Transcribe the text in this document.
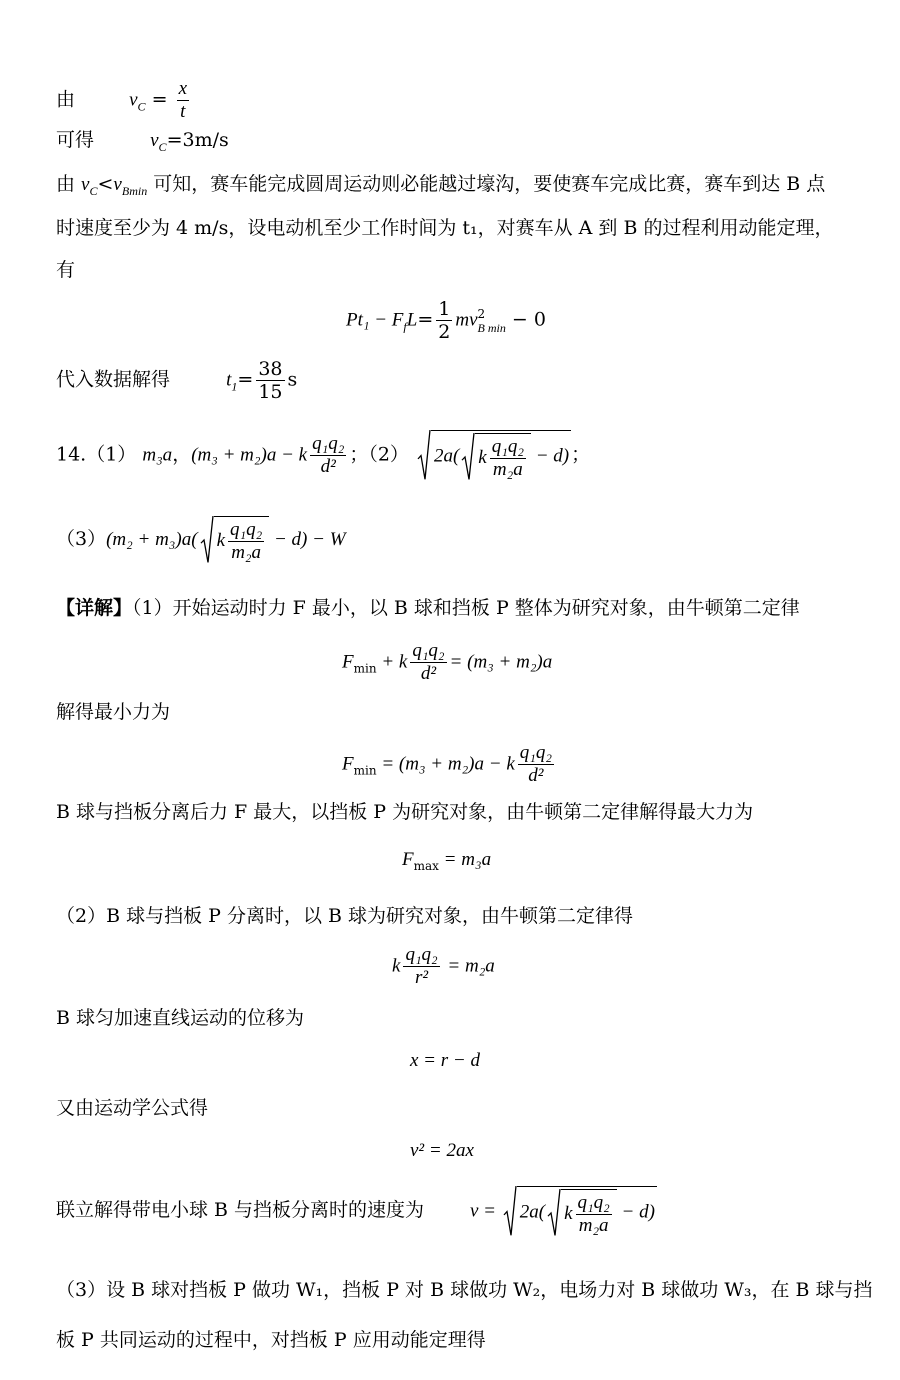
由	$v_C = \frac{x}{t}$
可得	$v_C=3m/s$
由 $v_C<v_{Bmin}$ 可知，赛车能完成圆周运动则必能越过壕沟，要使赛车完成比赛，赛车到达 B 点
时速度至少为 4 m/s，设电动机至少工作时间为 t₁，对赛车从 A 到 B 的过程利用动能定理，
有
$Pt_1 - F_fL= \frac{1}{2}$ mv 2
B min − 0
代入数据解得	$t_1= \frac{38}{15}$ s
14.（1） m₃a，(m₃ + m₂)a − k $\frac{\text{q₁q₂}}{\text{d²}}$ ；（2） 2a( k $\frac{\text{q₁q₂}}{\text{m₂a}} - d$) ；
（3）(m₂ + m₃)a( k $\frac{\text{q₁q₂}}{\text{m₂a}} - d) - W$
【详解】（1）开始运动时力 F 最小，以 B 球和挡板 P 整体为研究对象，由牛顿第二定律
$F_{min} + k \frac{\text{q₁q₂}}{\text{d²}} = (m_3 + m_2)a$
解得最小力为
$F_{min} = (m_3 + m_2)a - k \frac{\text{q₁q₂}}{\text{d²}}$
B 球与挡板分离后力 F 最大，以挡板 P 为研究对象，由牛顿第二定律解得最大力为
$F_{max} = m_3a$
（2）B 球与挡板 P 分离时，以 B 球为研究对象，由牛顿第二定律得
k $\frac{\text{q₁q₂}}{\text{r²}} = m_2a$
B 球匀加速直线运动的位移为
x = r − d
又由运动学公式得
v² = 2ax
联立解得带电小球 B 与挡板分离时的速度为 v =
2a( k $\frac{\text{q₁q₂}}{\text{m₂a}} - d$)
（3）设 B 球对挡板 P 做功 W₁，挡板 P 对 B 球做功 W₂，电场力对 B 球做功 W₃，在 B 球与挡
板 P 共同运动的过程中，对挡板 P 应用动能定理得
